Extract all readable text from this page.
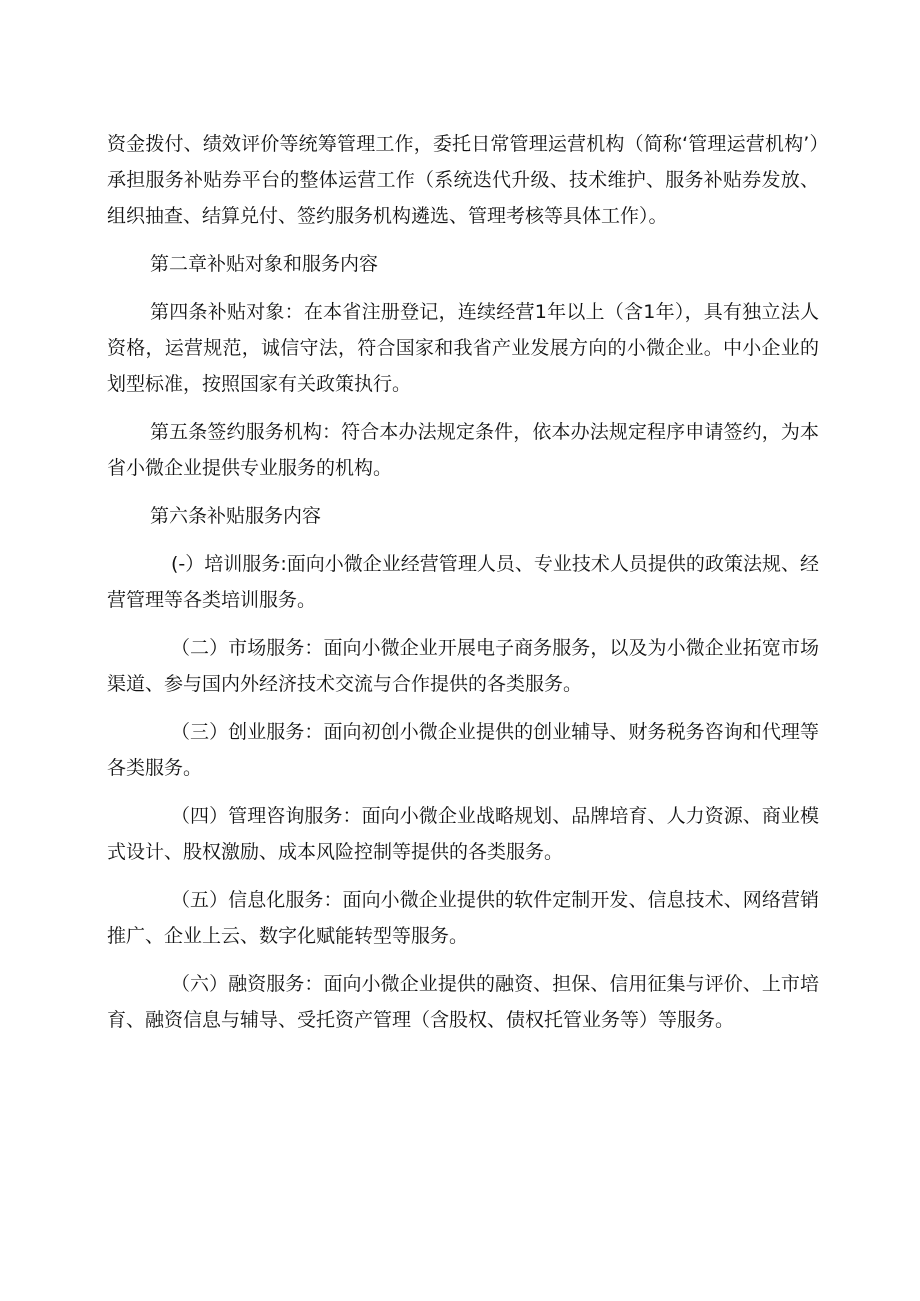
资金拨付、绩效评价等统筹管理工作，委托日常管理运营机构（简称‘管理运营机构’）承担服务补贴券平台的整体运营工作（系统迭代升级、技术维护、服务补贴券发放、组织抽查、结算兑付、签约服务机构遴选、管理考核等具体工作）。

第二章补贴对象和服务内容

第四条补贴对象：在本省注册登记，连续经营1年以上（含1年），具有独立法人资格，运营规范，诚信守法，符合国家和我省产业发展方向的小微企业。中小企业的划型标准，按照国家有关政策执行。

第五条签约服务机构：符合本办法规定条件，依本办法规定程序申请签约，为本省小微企业提供专业服务的机构。

第六条补贴服务内容

(-）培训服务:面向小微企业经营管理人员、专业技术人员提供的政策法规、经营管理等各类培训服务。

（二）市场服务：面向小微企业开展电子商务服务，以及为小微企业拓宽市场渠道、参与国内外经济技术交流与合作提供的各类服务。

（三）创业服务：面向初创小微企业提供的创业辅导、财务税务咨询和代理等各类服务。

（四）管理咨询服务：面向小微企业战略规划、品牌培育、人力资源、商业模式设计、股权激励、成本风险控制等提供的各类服务。

（五）信息化服务：面向小微企业提供的软件定制开发、信息技术、网络营销推广、企业上云、数字化赋能转型等服务。

（六）融资服务：面向小微企业提供的融资、担保、信用征集与评价、上市培育、融资信息与辅导、受托资产管理（含股权、债权托管业务等）等服务。
